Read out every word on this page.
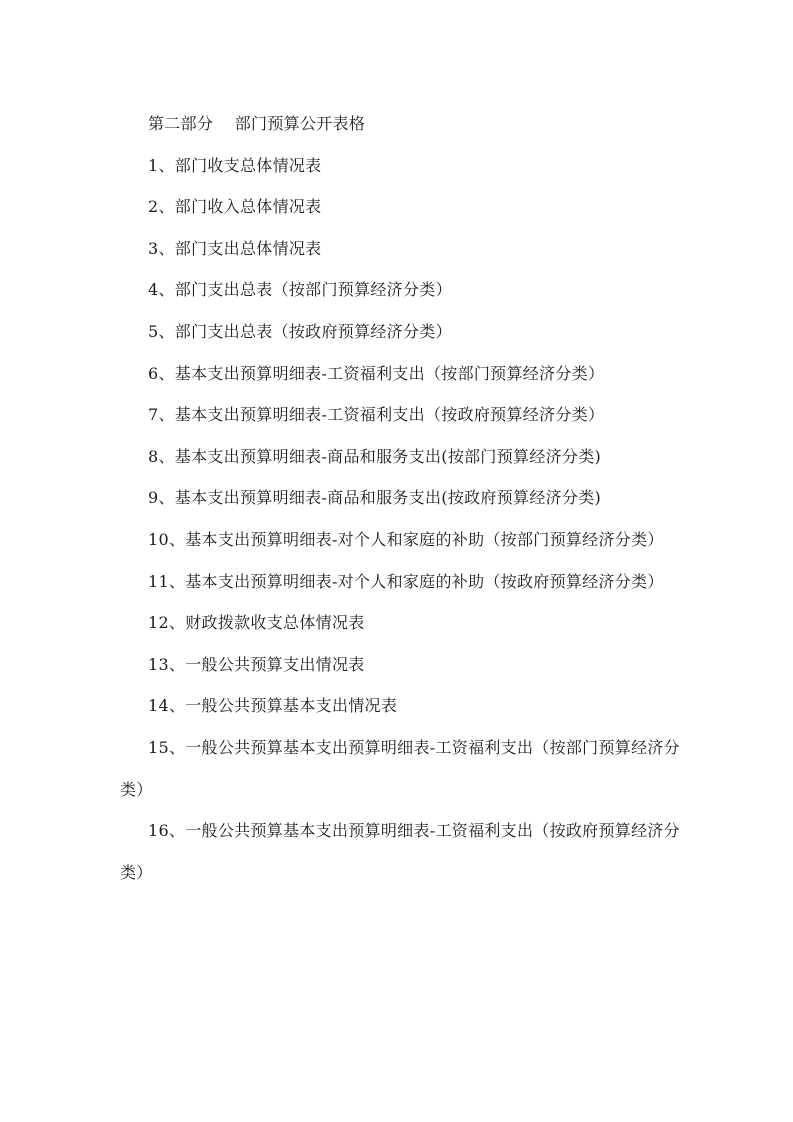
第二部分    部门预算公开表格

1、部门收支总体情况表

2、部门收入总体情况表

3、部门支出总体情况表

4、部门支出总表（按部门预算经济分类）

5、部门支出总表（按政府预算经济分类）

6、基本支出预算明细表-工资福利支出（按部门预算经济分类）

7、基本支出预算明细表-工资福利支出（按政府预算经济分类）

8、基本支出预算明细表-商品和服务支出(按部门预算经济分类)

9、基本支出预算明细表-商品和服务支出(按政府预算经济分类)

10、基本支出预算明细表-对个人和家庭的补助（按部门预算经济分类）

11、基本支出预算明细表-对个人和家庭的补助（按政府预算经济分类）

12、财政拨款收支总体情况表

13、一般公共预算支出情况表

14、一般公共预算基本支出情况表

15、一般公共预算基本支出预算明细表-工资福利支出（按部门预算经济分类）

16、一般公共预算基本支出预算明细表-工资福利支出（按政府预算经济分类）
